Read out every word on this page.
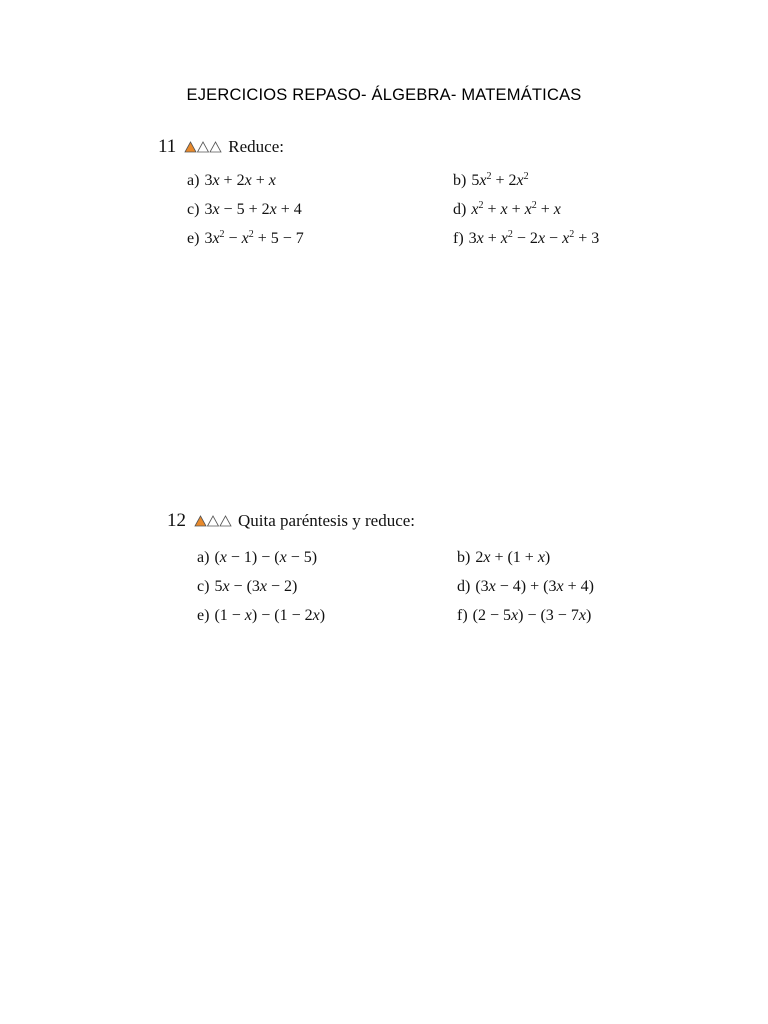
EJERCICIOS REPASO- ÁLGEBRA- MATEMÁTICAS
11	Reduce:
a) 3x + 2x + x	b) $5x^2 + 2x^2$
c) 3x − 5 + 2x + 4	d) $x^2 + x + x^2 + x$
e) $3x^2 - x^2 + 5 - 7$	f) $3x + x^2 - 2x - x^2 + 3$
12	Quita paréntesis y reduce:
a) (x − 1) − (x − 5)	b) 2x + (1 + x)
c) 5x − (3x − 2)	d) (3x − 4) + (3x + 4)
e) (1 − x) − (1 − 2x)	f) (2 − 5x) − (3 − 7x)
